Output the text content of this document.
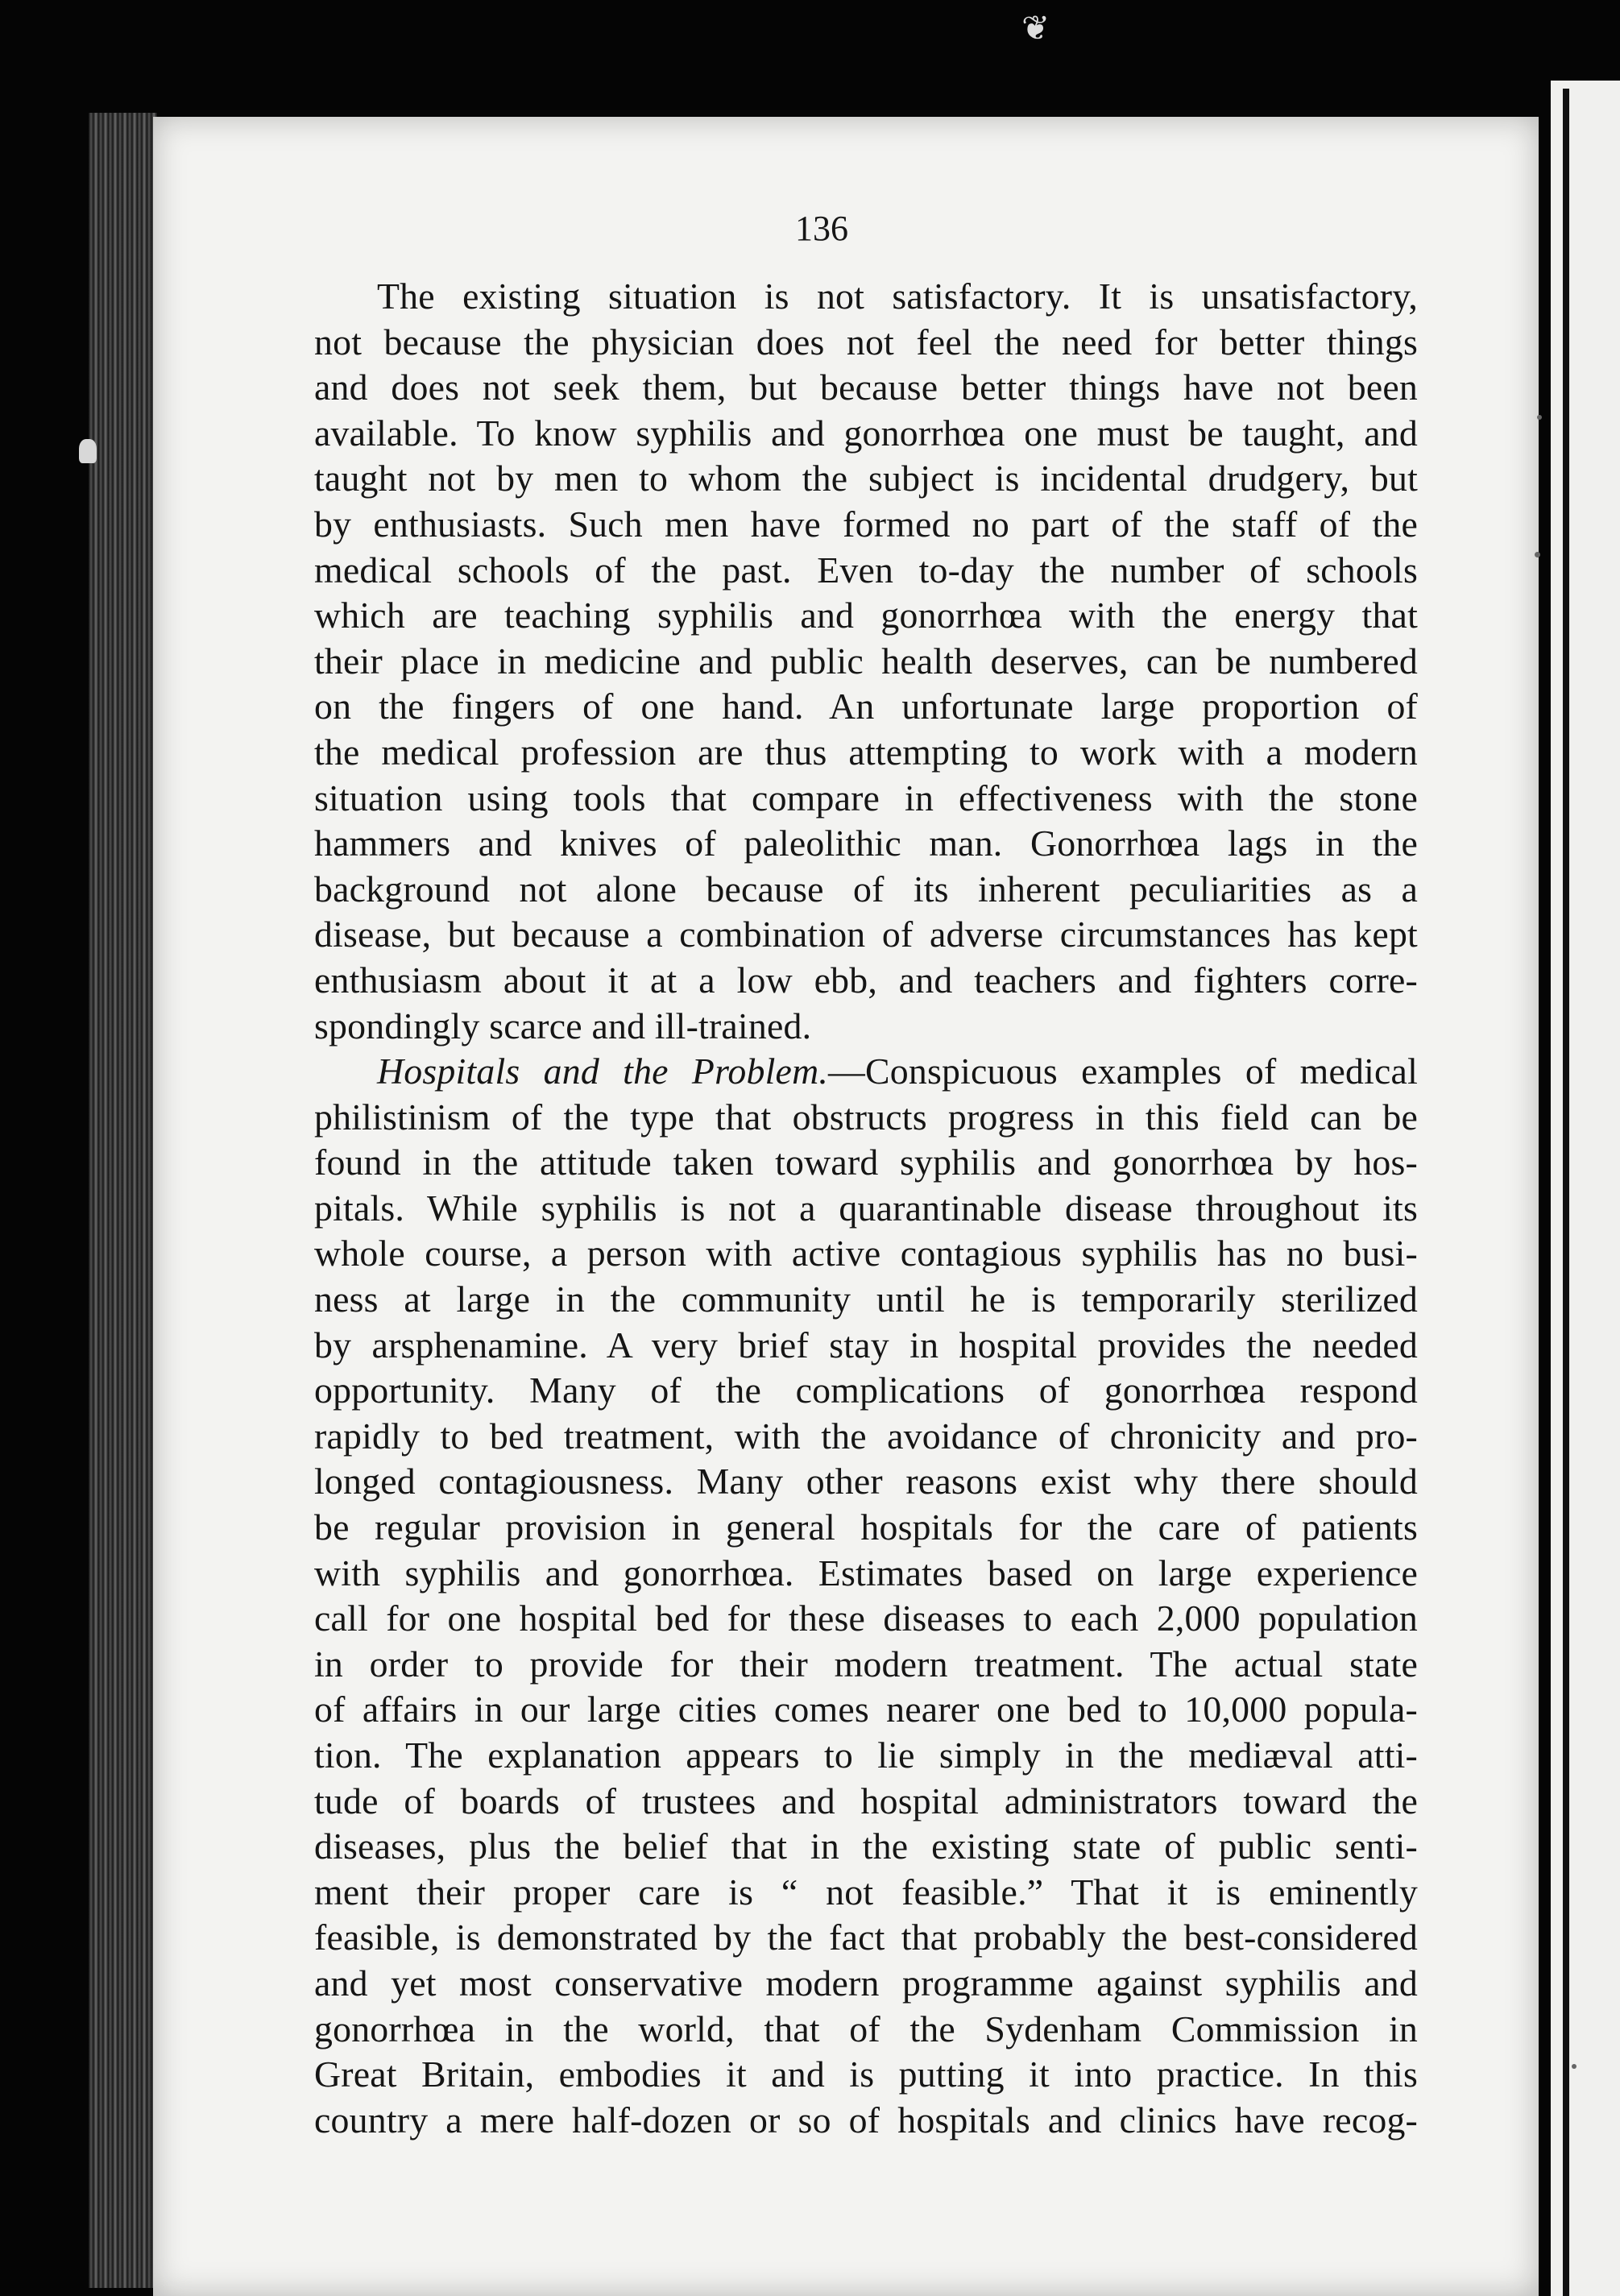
❦
136
The existing situation is not satisfactory. It is unsatisfactory,
not because the physician does not feel the need for better things
and does not seek them, but because better things have not been
available. To know syphilis and gonorrhœa one must be taught, and
taught not by men to whom the subject is incidental drudgery, but
by enthusiasts. Such men have formed no part of the staff of the
medical schools of the past. Even to-day the number of schools
which are teaching syphilis and gonorrhœa with the energy that
their place in medicine and public health deserves, can be numbered
on the fingers of one hand. An unfortunate large proportion of
the medical profession are thus attempting to work with a modern
situation using tools that compare in effectiveness with the stone
hammers and knives of paleolithic man. Gonorrhœa lags in the
background not alone because of its inherent peculiarities as a
disease, but because a combination of adverse circumstances has kept
enthusiasm about it at a low ebb, and teachers and fighters corre-
spondingly scarce and ill-trained.
Hospitals and the Problem.—Conspicuous examples of medical
philistinism of the type that obstructs progress in this field can be
found in the attitude taken toward syphilis and gonorrhœa by hos-
pitals. While syphilis is not a quarantinable disease throughout its
whole course, a person with active contagious syphilis has no busi-
ness at large in the community until he is temporarily sterilized
by arsphenamine. A very brief stay in hospital provides the needed
opportunity. Many of the complications of gonorrhœa respond
rapidly to bed treatment, with the avoidance of chronicity and pro-
longed contagiousness. Many other reasons exist why there should
be regular provision in general hospitals for the care of patients
with syphilis and gonorrhœa. Estimates based on large experience
call for one hospital bed for these diseases to each 2,000 population
in order to provide for their modern treatment. The actual state
of affairs in our large cities comes nearer one bed to 10,000 popula-
tion. The explanation appears to lie simply in the mediæval atti-
tude of boards of trustees and hospital administrators toward the
diseases, plus the belief that in the existing state of public senti-
ment their proper care is “ not feasible.” That it is eminently
feasible, is demonstrated by the fact that probably the best-considered
and yet most conservative modern programme against syphilis and
gonorrhœa in the world, that of the Sydenham Commission in
Great Britain, embodies it and is putting it into practice. In this
country a mere half-dozen or so of hospitals and clinics have recog-
